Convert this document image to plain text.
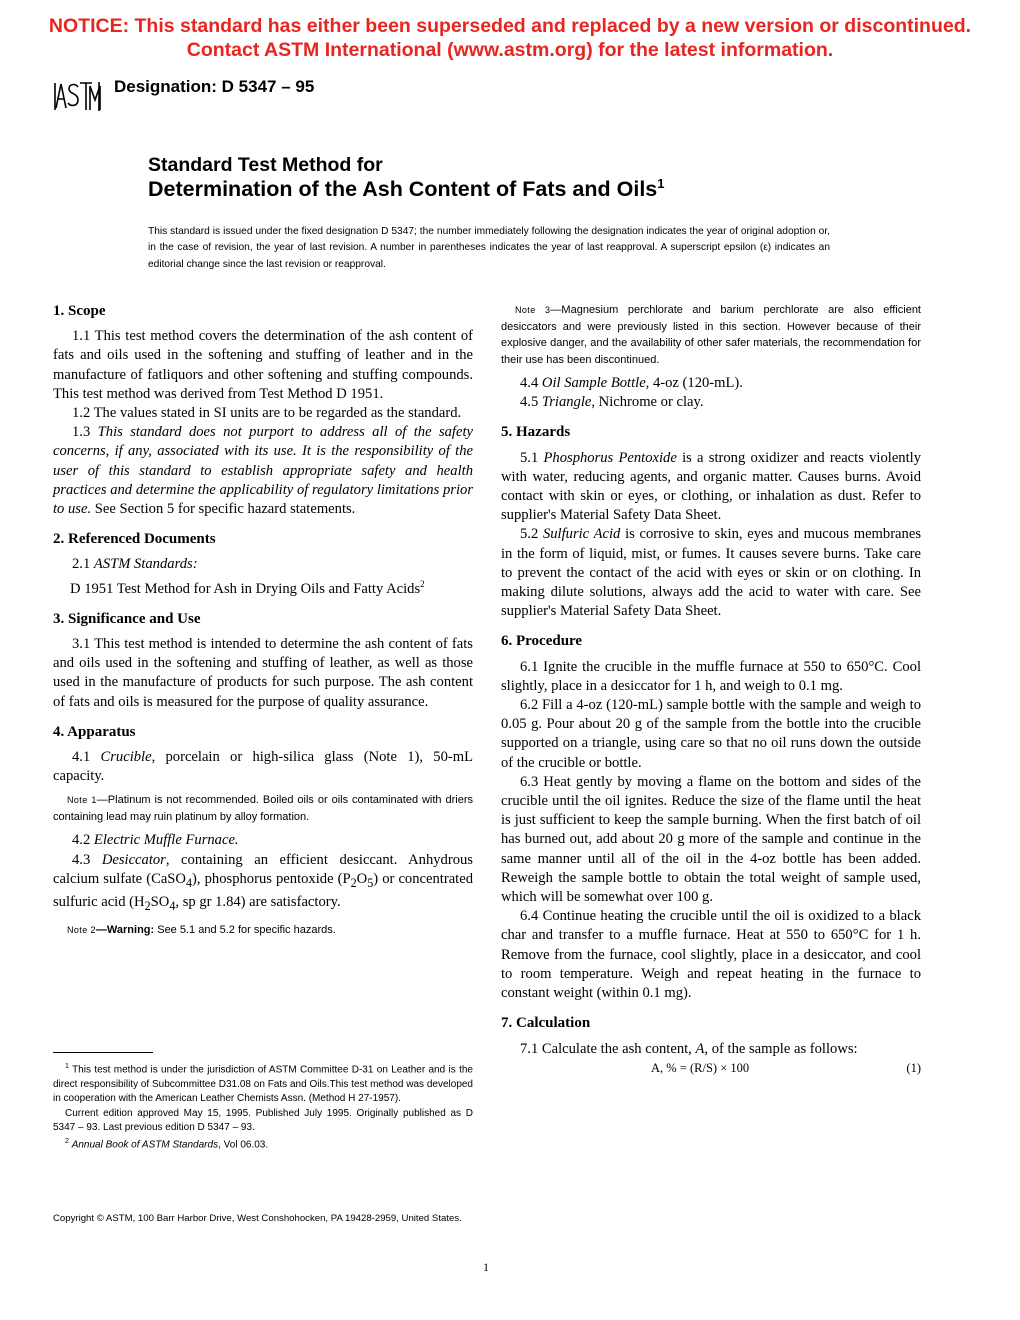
NOTICE: This standard has either been superseded and replaced by a new version or discontinued.
Contact ASTM International (www.astm.org) for the latest information.
ASTM	Designation: D 5347 – 95
Standard Test Method for
Determination of the Ash Content of Fats and Oils$^1$
This standard is issued under the fixed designation D 5347; the number immediately following the designation indicates the year of original adoption or, in the case of revision, the year of last revision. A number in parentheses indicates the year of last reapproval. A superscript epsilon (ε) indicates an editorial change since the last revision or reapproval.
1. Scope

1.1 This test method covers the determination of the ash content of fats and oils used in the softening and stuffing of leather and in the manufacture of fatliquors and other softening and stuffing compounds. This test method was derived from Test Method D 1951.

1.2 The values stated in SI units are to be regarded as the standard.

1.3 This standard does not purport to address all of the safety concerns, if any, associated with its use. It is the responsibility of the user of this standard to establish appropriate safety and health practices and determine the applicability of regulatory limitations prior to use. See Section 5 for specific hazard statements.

2. Referenced Documents

2.1 ASTM Standards:

D 1951 Test Method for Ash in Drying Oils and Fatty Acids$^2$

3. Significance and Use

3.1 This test method is intended to determine the ash content of fats and oils used in the softening and stuffing of leather, as well as those used in the manufacture of products for such purpose. The ash content of fats and oils is measured for the purpose of quality assurance.

4. Apparatus

4.1 Crucible, porcelain or high-silica glass (Note 1), 50-mL capacity.

Note 1—Platinum is not recommended. Boiled oils or oils contaminated with driers containing lead may ruin platinum by alloy formation.

4.2 Electric Muffle Furnace.

4.3 Desiccator, containing an efficient desiccant. Anhydrous calcium sulfate (CaSO$_4$), phosphorus pentoxide $(P_2O_5)$ or concentrated sulfuric acid ($H_2SO_4$, sp gr 1.84) are satisfactory.

Note 2—Warning: See 5.1 and 5.2 for specific hazards.

$^1$ This test method is under the jurisdiction of ASTM Committee D-31 on Leather and is the direct responsibility of Subcommittee D31.08 on Fats and Oils.This test method was developed in cooperation with the American Leather Chemists Assn. (Method H 27-1957).

Current edition approved May 15, 1995. Published July 1995. Originally published as D 5347 – 93. Last previous edition D 5347 – 93.

$^2$ Annual Book of ASTM Standards, Vol 06.03.

Note 3—Magnesium perchlorate and barium perchlorate are also efficient desiccators and were previously listed in this section. However because of their explosive danger, and the availability of other safer materials, the recommendation for their use has been discontinued.

4.4 Oil Sample Bottle, 4-oz (120-mL).

4.5 Triangle, Nichrome or clay.

5. Hazards

5.1 Phosphorus Pentoxide is a strong oxidizer and reacts violently with water, reducing agents, and organic matter. Causes burns. Avoid contact with skin or eyes, or clothing, or inhalation as dust. Refer to supplier's Material Safety Data Sheet.

5.2 Sulfuric Acid is corrosive to skin, eyes and mucous membranes in the form of liquid, mist, or fumes. It causes severe burns. Take care to prevent the contact of the acid with eyes or skin or on clothing. In making dilute solutions, always add the acid to water with care. See supplier's Material Safety Data Sheet.

6. Procedure

6.1 Ignite the crucible in the muffle furnace at 550 to 650°C. Cool slightly, place in a desiccator for 1 h, and weigh to 0.1 mg.

6.2 Fill a 4-oz (120-mL) sample bottle with the sample and weigh to 0.05 g. Pour about 20 g of the sample from the bottle into the crucible supported on a triangle, using care so that no oil runs down the outside of the crucible or bottle.

6.3 Heat gently by moving a flame on the bottom and sides of the crucible until the oil ignites. Reduce the size of the flame until the heat is just sufficient to keep the sample burning. When the first batch of oil has burned out, add about 20 g more of the sample and continue in the same manner until all of the oil in the 4-oz bottle has been added. Reweigh the sample bottle to obtain the total weight of sample used, which will be somewhat over 100 g.

6.4 Continue heating the crucible until the oil is oxidized to a black char and transfer to a muffle furnace. Heat at 550 to 650°C for 1 h. Remove from the furnace, cool slightly, place in a desiccator, and cool to room temperature. Weigh and repeat heating in the furnace to constant weight (within 0.1 mg).

7. Calculation

7.1 Calculate the ash content, A, of the sample as follows:

A, % = (R/S) × 100	(1)
Copyright © ASTM, 100 Barr Harbor Drive, West Conshohocken, PA 19428-2959, United States.
1
